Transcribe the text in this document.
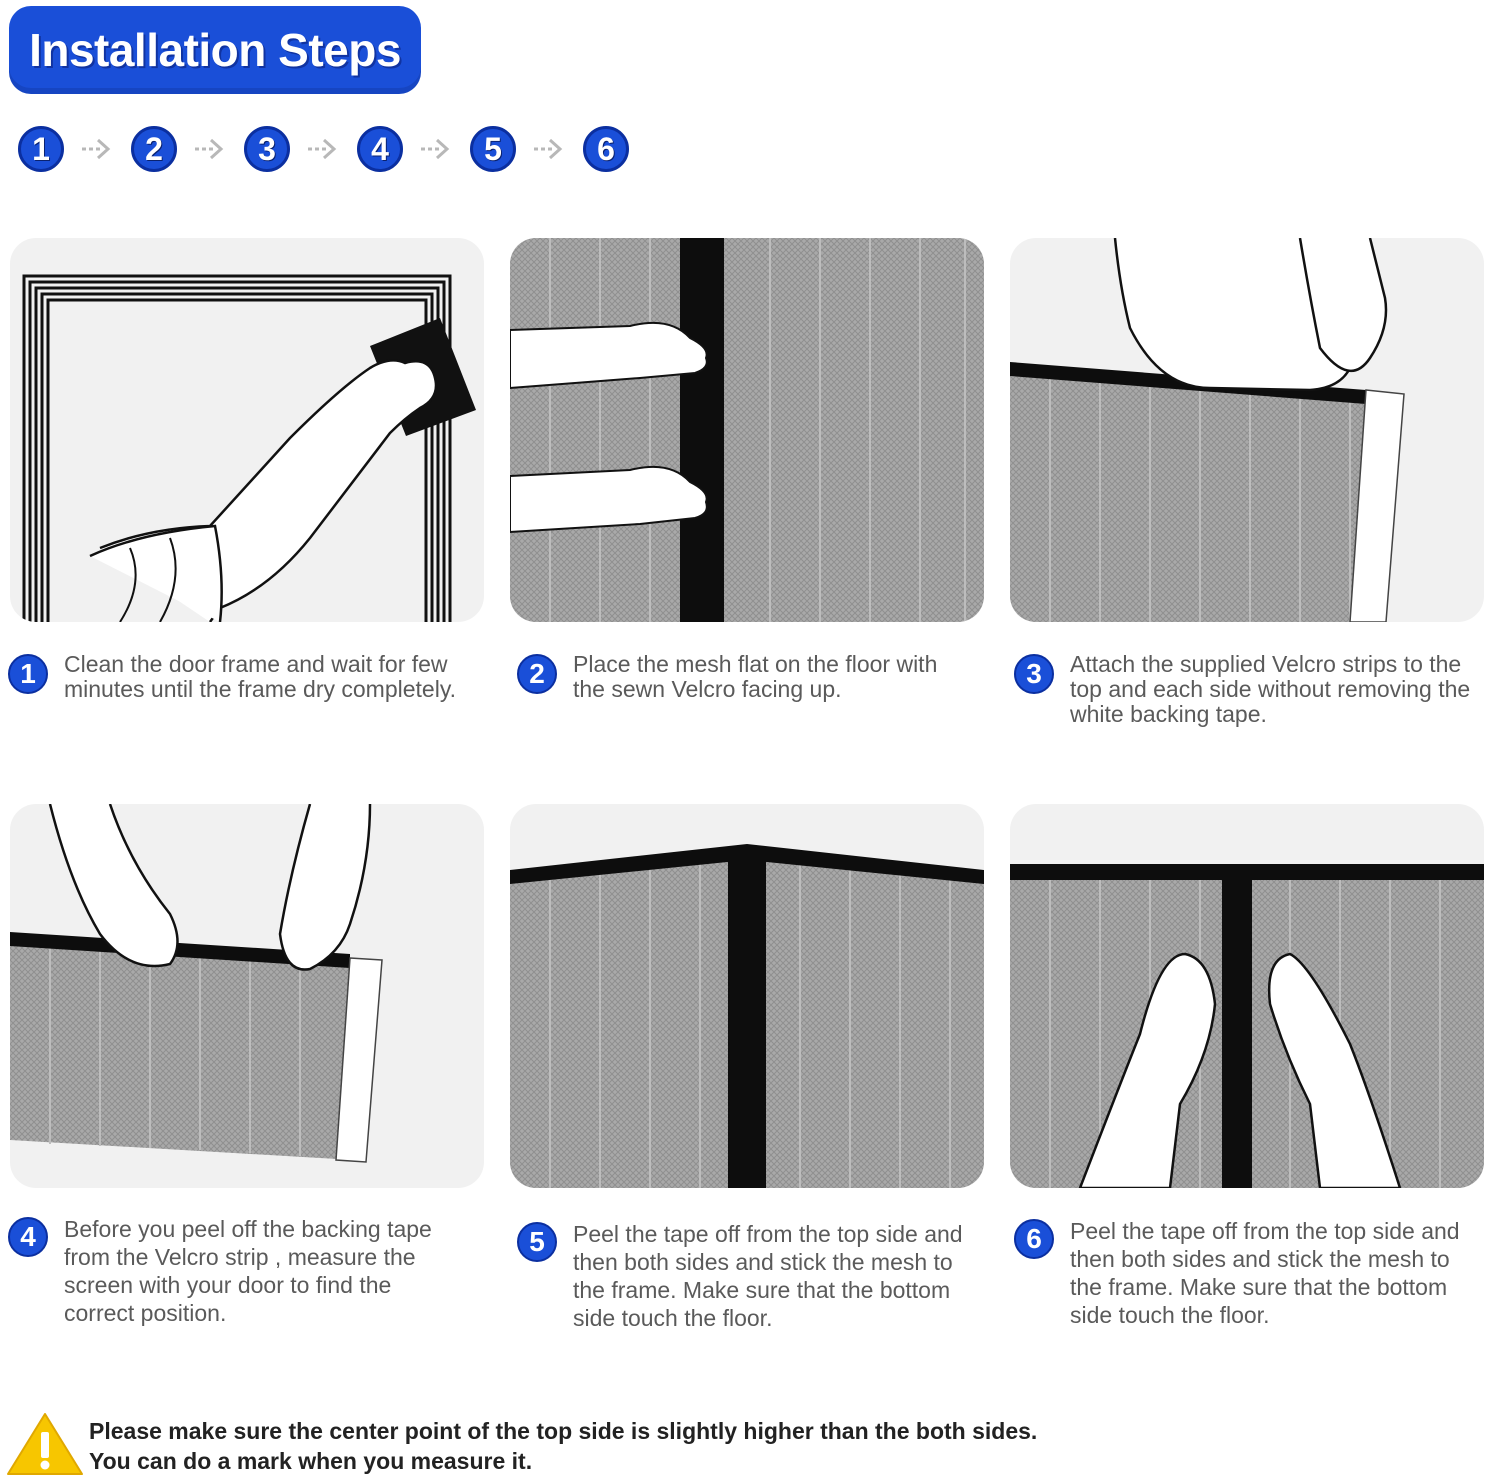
Installation Steps
1	2	3	4	5	6
1	Clean the door frame and wait for few minutes until the frame dry completely.	2	Place the mesh flat on the floor with the sewn Velcro facing up.	3	Attach the supplied Velcro strips to the top and each side without removing the white backing tape.
4	Before you peel off the backing tape from the Velcro strip , measure the screen with your door to find the correct position.
5	Peel the tape off from the top side and then both sides and stick the mesh to the frame. Make sure that the bottom side touch the floor.
6	Peel the tape off from the top side and then both sides and stick the mesh to the frame. Make sure that the bottom side touch the floor.
Please make sure the center point of the top side is slightly higher than the both sides.
You can do a mark when you measure it.
